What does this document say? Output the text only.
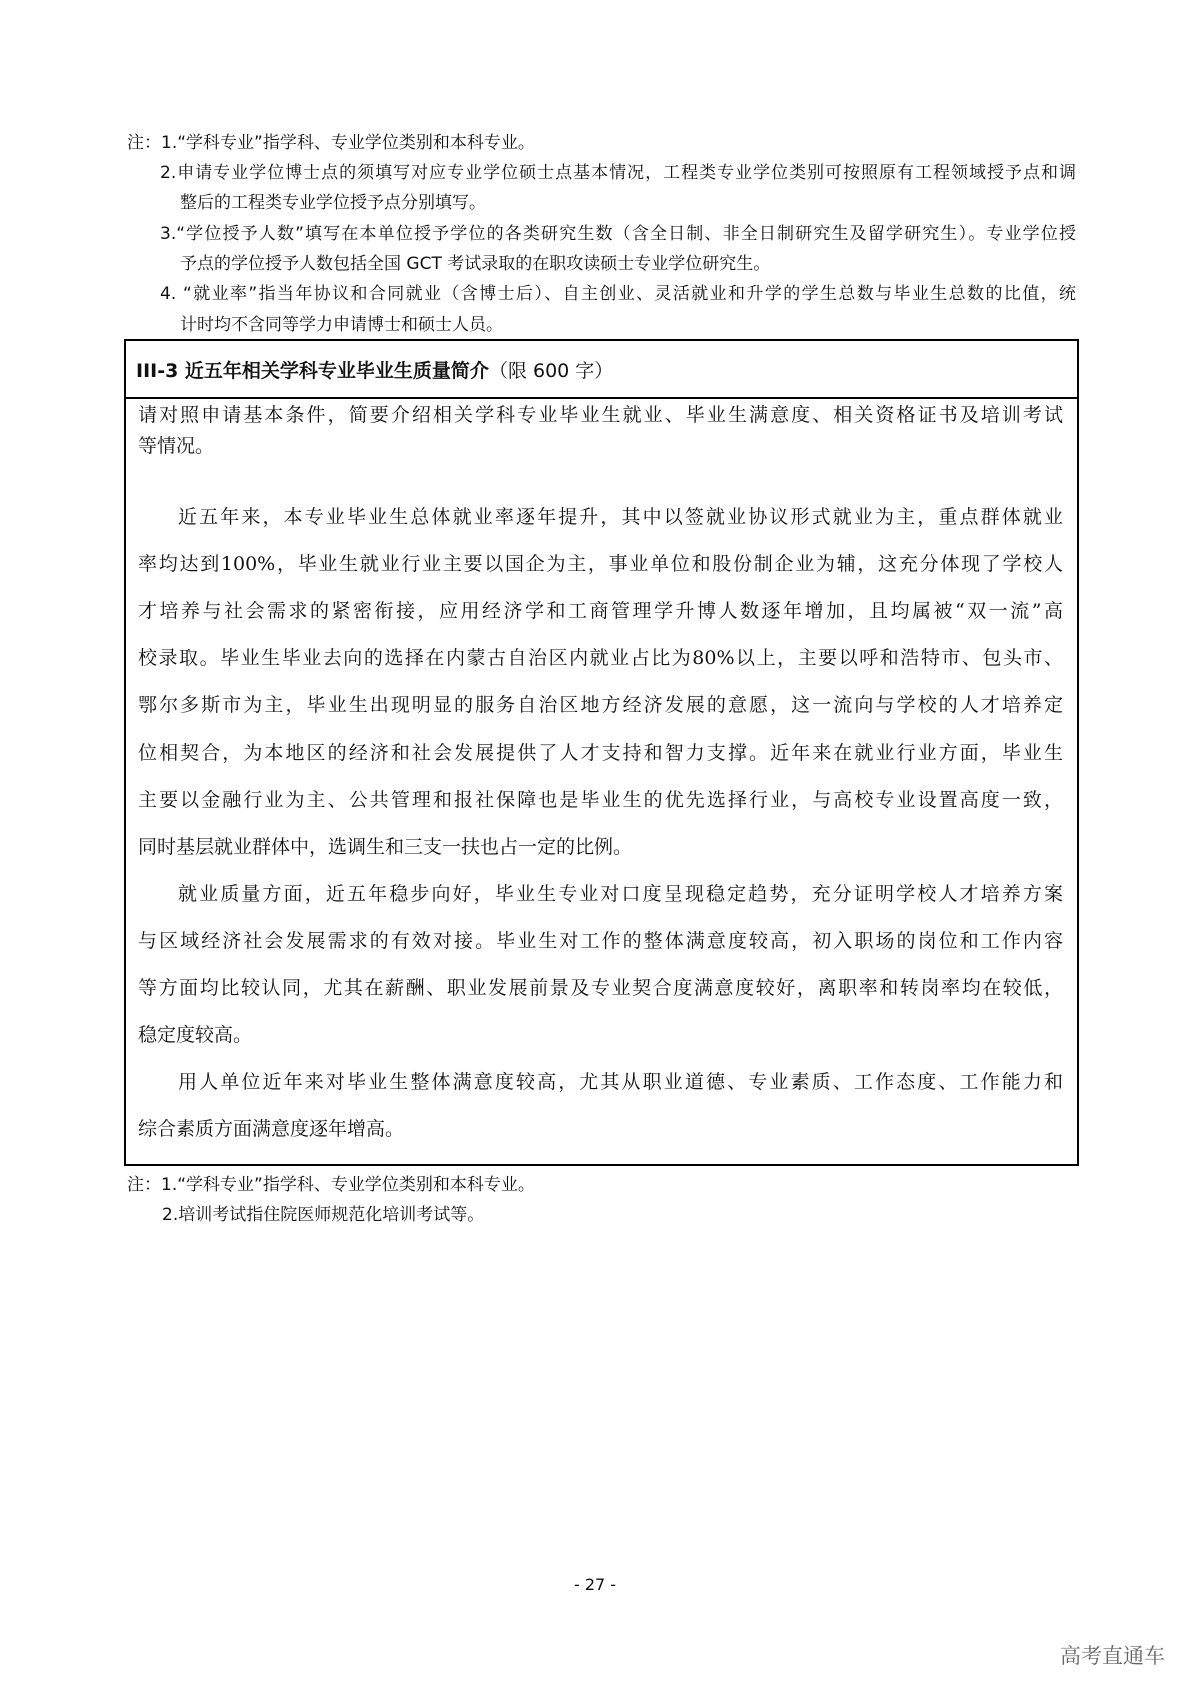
注：1.“学科专业”指学科、专业学位类别和本科专业。
2.申请专业学位博士点的须填写对应专业学位硕士点基本情况，工程类专业学位类别可按照原有工程领域授予点和调
整后的工程类专业学位授予点分别填写。
3.“学位授予人数”填写在本单位授予学位的各类研究生数（含全日制、非全日制研究生及留学研究生）。专业学位授
予点的学位授予人数包括全国 GCT 考试录取的在职攻读硕士专业学位研究生。
4. “就业率”指当年协议和合同就业（含博士后）、自主创业、灵活就业和升学的学生总数与毕业生总数的比值，统
计时均不含同等学力申请博士和硕士人员。
III-3 近五年相关学科专业毕业生质量简介 （限 600 字）
请对照申请基本条件，简要介绍相关学科专业毕业生就业、毕业生满意度、相关资格证书及培训考试
等情况。
近五年来，本专业毕业生总体就业率逐年提升，其中以签就业协议形式就业为主，重点群体就业
率均达到100%，毕业生就业行业主要以国企为主，事业单位和股份制企业为辅，这充分体现了学校人
才培养与社会需求的紧密衔接，应用经济学和工商管理学升博人数逐年增加，且均属被“双一流”高
校录取。毕业生毕业去向的选择在内蒙古自治区内就业占比为80%以上，主要以呼和浩特市、包头市、
鄂尔多斯市为主，毕业生出现明显的服务自治区地方经济发展的意愿，这一流向与学校的人才培养定
位相契合，为本地区的经济和社会发展提供了人才支持和智力支撑。近年来在就业行业方面，毕业生
主要以金融行业为主、公共管理和报社保障也是毕业生的优先选择行业，与高校专业设置高度一致，
同时基层就业群体中，选调生和三支一扶也占一定的比例。
就业质量方面，近五年稳步向好，毕业生专业对口度呈现稳定趋势，充分证明学校人才培养方案
与区域经济社会发展需求的有效对接。毕业生对工作的整体满意度较高，初入职场的岗位和工作内容
等方面均比较认同，尤其在薪酬、职业发展前景及专业契合度满意度较好，离职率和转岗率均在较低，
稳定度较高。
用人单位近年来对毕业生整体满意度较高，尤其从职业道德、专业素质、工作态度、工作能力和
综合素质方面满意度逐年增高。
注：1.“学科专业”指学科、专业学位类别和本科专业。
2.培训考试指住院医师规范化培训考试等。
- 27 -
高考直通车
